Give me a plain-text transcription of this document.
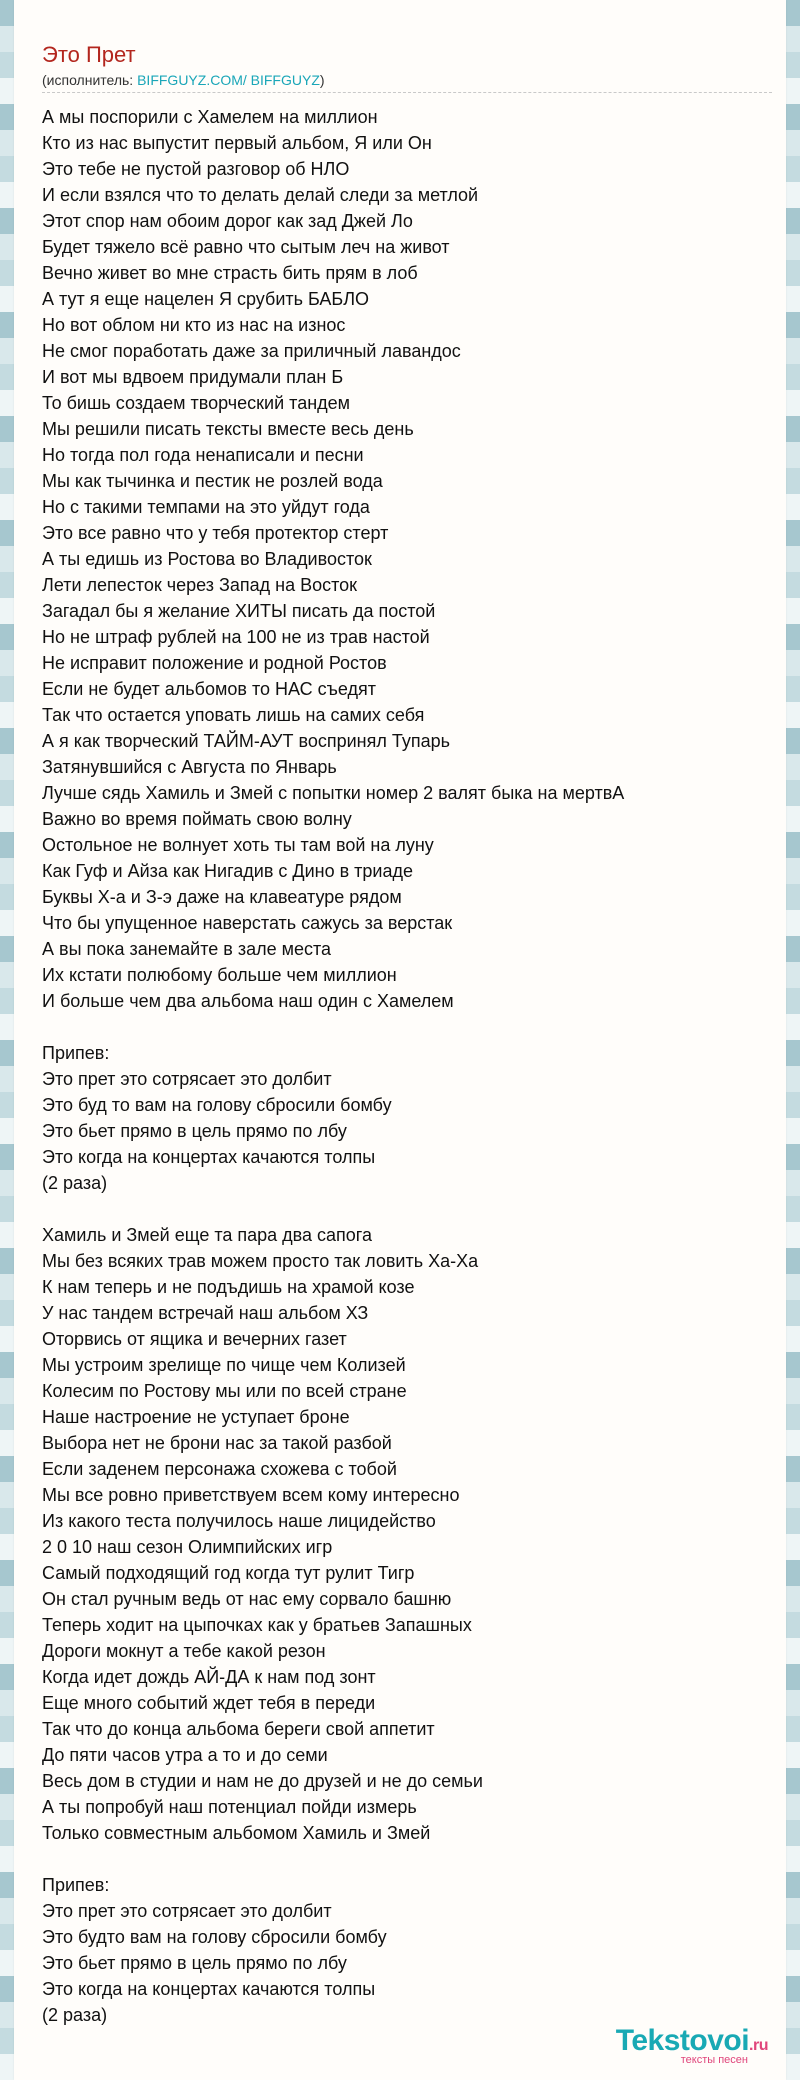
Это Прет
(исполнитель: BIFFGUYZ.COM/ BIFFGUYZ)
А мы поспорили с Хамелем на миллион
Кто из нас выпустит первый альбом, Я или Он
Это тебе не пустой разговор об НЛО
И если взялся что то делать делай следи за метлой
Этот спор нам обоим дорог как зад Джей Ло
Будет тяжело всё равно что сытым леч на живот
Вечно живет во мне страсть бить прям в лоб
А тут я еще нацелен Я срубить БАБЛО
Но вот облом ни кто из нас на износ
Не смог поработать даже за приличный лавандос
И вот мы вдвоем придумали план Б
То бишь создаем творческий тандем
Мы решили писать тексты вместе весь день
Но тогда пол года ненаписали и песни
Мы как тычинка и пестик не розлей вода
Но с такими темпами на это уйдут года
Это все равно что у тебя протектор стерт
А ты едишь из Ростова во Владивосток
Лети лепесток через Запад на Восток
Загадал бы я желание ХИТЫ писать да постой
Но не штраф рублей на 100 не из трав настой
Не исправит положение и родной Ростов
Если не будет альбомов то НАС съедят
Так что остается уповать лишь на самих себя
А я как творческий ТАЙМ-АУТ воспринял Тупарь
Затянувшийся с Августа по Январь
Лучше сядь Хамиль и Змей с попытки номер 2 валят быка на мертвА
Важно во время поймать свою волну
Остольное не волнует хоть ты там вой на луну
Как Гуф и Айза как Нигадив с Дино в триаде
Буквы Х-а и З-э даже на клавеатуре рядом
Что бы упущенное наверстать сажусь за верстак
А вы пока занемайте в зале места
Их кстати полюбому больше чем миллион
И больше чем два альбома наш один с Хамелем
Припев:
Это прет это сотрясает это долбит
Это буд то вам на голову сбросили бомбу
Это бьет прямо в цель прямо по лбу
Это когда на концертах качаются толпы
(2 раза)
Хамиль и Змей еще та пара два сапога
Мы без всяких трав можем просто так ловить Ха-Ха
К нам теперь и не подъдишь на храмой козе
У нас тандем встречай наш альбом ХЗ
Оторвись от ящика и вечерних газет
Мы устроим зрелище по чище чем Колизей
Колесим по Ростову мы или по всей стране
Наше настроение не уступает броне
Выбора нет не брони нас за такой разбой
Если заденем персонажа схожева с тобой
Мы все ровно приветствуем всем кому интересно
Из какого теста получилось наше лицидейство
2 0 10 наш сезон Олимпийских игр
Самый подходящий год когда тут рулит Тигр
Он стал ручным ведь от нас ему сорвало башню
Теперь ходит на цыпочках как у братьев Запашных
Дороги мокнут а тебе какой резон
Когда идет дождь АЙ-ДА к нам под зонт
Еще много событий ждет тебя в переди
Так что до конца альбома береги свой аппетит
До пяти часов утра а то и до семи
Весь дом в студии и нам не до друзей и не до семьи
А ты попробуй наш потенциал пойди измерь
Только совместным альбомом Хамиль и Змей
Припев:
Это прет это сотрясает это долбит
Это будто вам на голову сбросили бомбу
Это бьет прямо в цель прямо по лбу
Это когда на концертах качаются толпы
(2 раза)
Tekstovoi.ru
тексты песен
